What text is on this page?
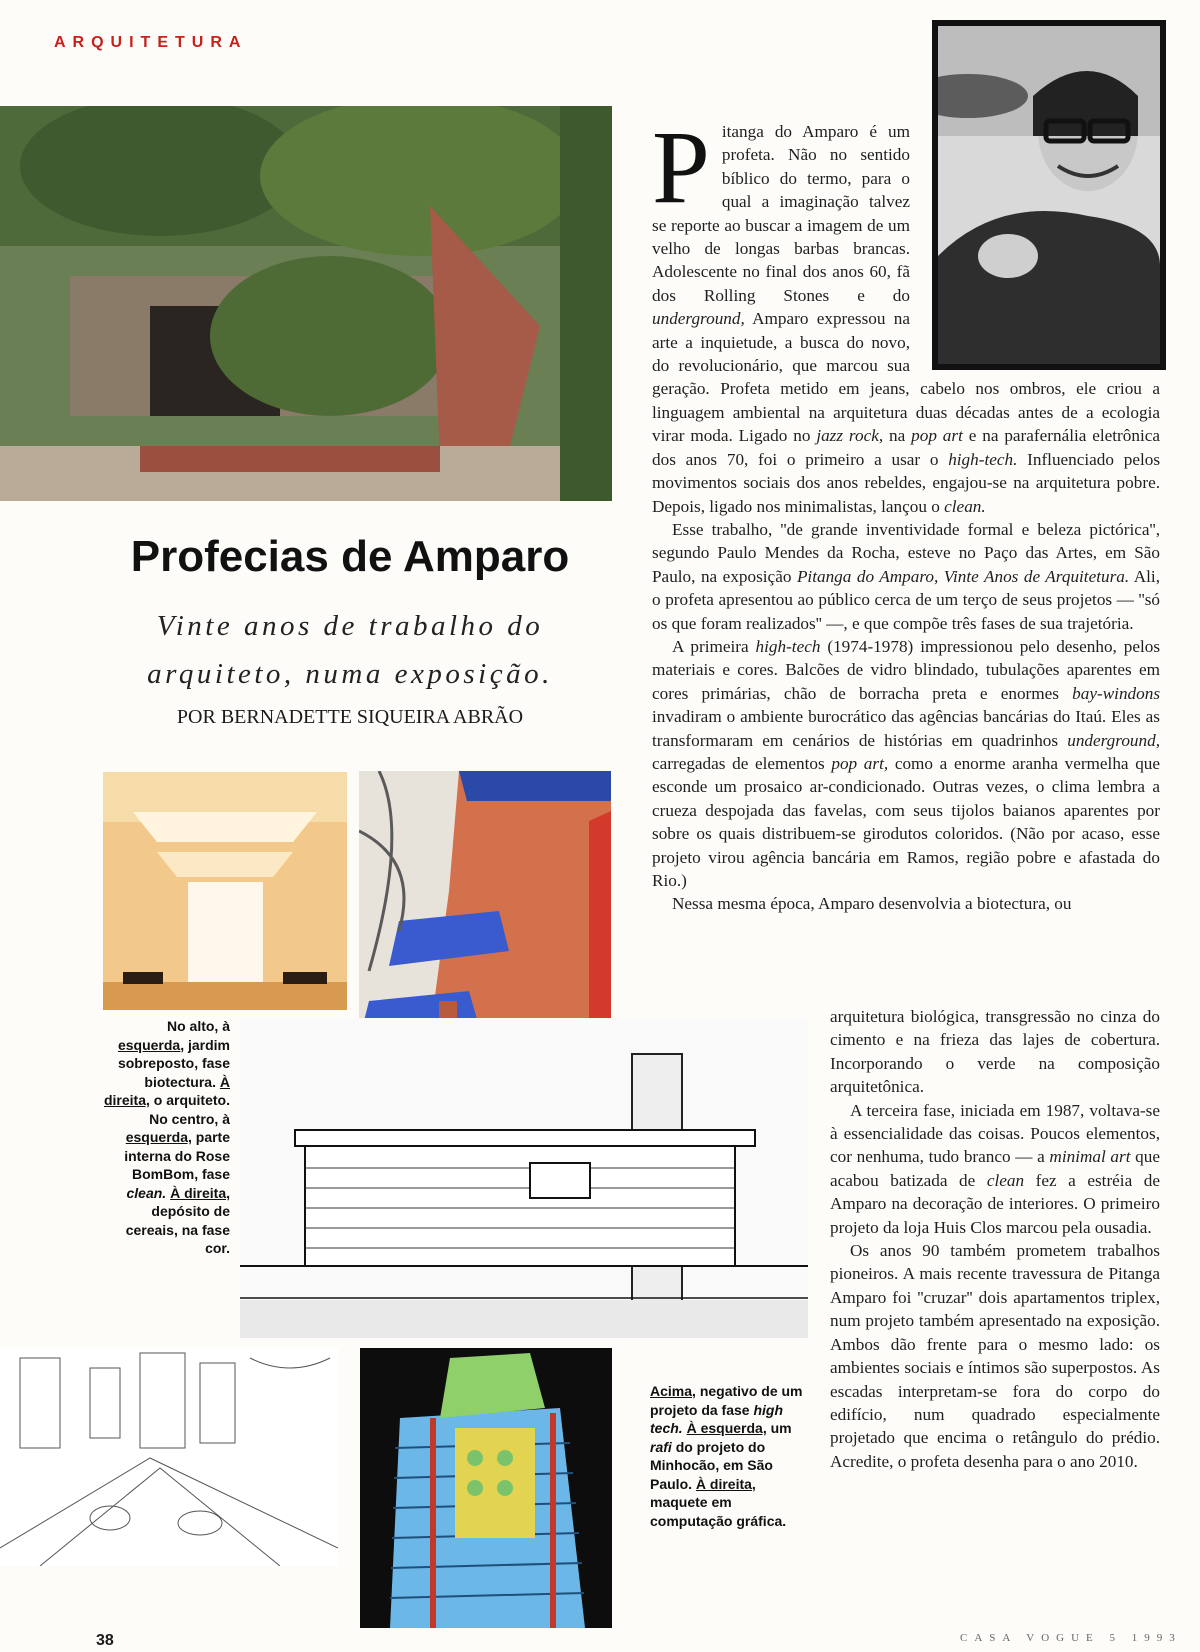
ARQUITETURA
Profecias de Amparo
Vinte anos de trabalho do
arquiteto, numa exposição.
POR BERNADETTE SIQUEIRA ABRÃO
No alto, à esquerda, jardim sobreposto, fase biotectura. À direita, o arquiteto. No centro, à esquerda, parte interna do Rose BomBom, fase clean. À direita, depósito de cereais, na fase cor.
Acima, negativo de um projeto da fase high tech. À esquerda, um rafi do projeto do Minhocão, em São Paulo. À direita, maquete em computação gráfica.

Pitanga do Amparo é um profeta. Não no sentido bíblico do termo, para o qual a imaginação talvez se reporte ao buscar a imagem de um velho de longas barbas brancas. Adolescente no final dos anos 60, fã dos Rolling Stones e do underground, Amparo expressou na arte a inquietude, a busca do novo, do revolucionário, que marcou sua geração. Profeta metido em jeans, cabelo nos ombros, ele criou a linguagem ambiental na arquitetura duas décadas antes de a ecologia virar moda. Ligado no jazz rock, na pop art e na parafernália eletrônica dos anos 70, foi o primeiro a usar o high-tech. Influenciado pelos movimentos sociais dos anos rebeldes, engajou-se na arquitetura pobre. Depois, ligado nos minimalistas, lançou o clean.

Esse trabalho, ''de grande inventividade formal e beleza pictórica'', segundo Paulo Mendes da Rocha, esteve no Paço das Artes, em São Paulo, na exposição Pitanga do Amparo, Vinte Anos de Arquitetura. Ali, o profeta apresentou ao público cerca de um terço de seus projetos — ''só os que foram realizados'' —, e que compõe três fases de sua trajetória.

A primeira high-tech (1974-1978) impressionou pelo desenho, pelos materiais e cores. Balcões de vidro blindado, tubulações aparentes em cores primárias, chão de borracha preta e enormes bay-windons invadiram o ambiente burocrático das agências bancárias do Itaú. Eles as transformaram em cenários de histórias em quadrinhos underground, carregadas de elementos pop art, como a enorme aranha vermelha que esconde um prosaico ar-condicionado. Outras vezes, o clima lembra a crueza despojada das favelas, com seus tijolos baianos aparentes por sobre os quais distribuem-se girodutos coloridos. (Não por acaso, esse projeto virou agência bancária em Ramos, região pobre e afastada do Rio.)

Nessa mesma época, Amparo desenvolvia a biotectura, ou

arquitetura biológica, transgressão no cinza do cimento e na frieza das lajes de cobertura. Incorporando o verde na composição arquitetônica.

A terceira fase, iniciada em 1987, voltava-se à essencialidade das coisas. Poucos elementos, cor nenhuma, tudo branco — a minimal art que acabou batizada de clean fez a estréia de Amparo na decoração de interiores. O primeiro projeto da loja Huis Clos marcou pela ousadia.

Os anos 90 também prometem trabalhos pioneiros. A mais recente travessura de Pitanga Amparo foi ''cruzar'' dois apartamentos triplex, num projeto também apresentado na exposição. Ambos dão frente para o mesmo lado: os ambientes sociais e íntimos são superpostos. As escadas interpretam-se fora do corpo do edifício, num quadrado especialmente projetado que encima o retângulo do prédio. Acredite, o profeta desenha para o ano 2010.

38	CASA VOGUE 5 1993
